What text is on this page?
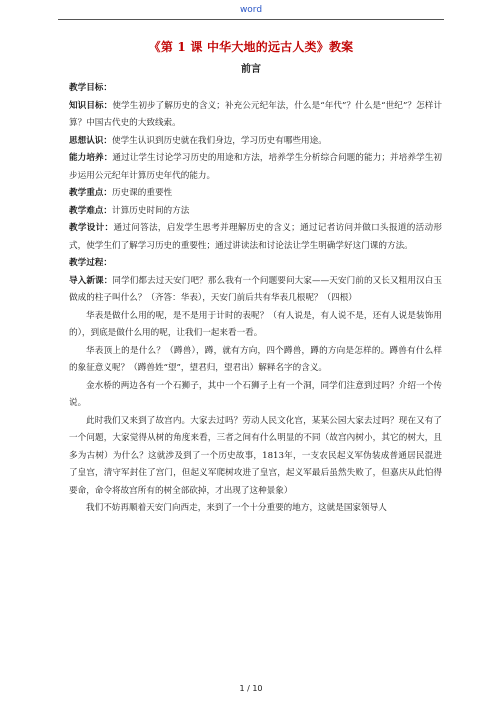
word
《第 1 课 中华大地的远古人类》教案
前言

教学目标：

知识目标：使学生初步了解历史的含义；补充公元纪年法，什么是“年代”？什么是“世纪”？怎样计算？中国古代史的大致线索。

思想认识：使学生认识到历史就在我们身边，学习历史有哪些用途。

能力培养：通过让学生讨论学习历史的用途和方法，培养学生分析综合问题的能力；并培养学生初步运用公元纪年计算历史年代的能力。

教学重点：历史课的重要性

教学难点：计算历史时间的方法

教学设计：通过问答法，启发学生思考并理解历史的含义；通过记者访问并做口头报道的活动形式，使学生们了解学习历史的重要性；通过讲读法和讨论法让学生明确学好这门课的方法。

教学过程：

导入新课：同学们都去过天安门吧？那么我有一个问题要问大家——天安门前的又长又粗用汉白玉做成的柱子叫什么？（齐答：华表），天安门前后共有华表几根呢？（四根）

华表是做什么用的呢，是不是用于计时的表呢？（有人说是，有人说不是，还有人说是装饰用的），到底是做什么用的呢，让我们一起来看一看。

华表顶上的是什么？（蹲兽），蹲，就有方向，四个蹲兽，蹲的方向是怎样的。蹲兽有什么样的象征意义呢？（蹲兽姓“望”，望君归，望君出）解释名字的含义。

金水桥的两边各有一个石狮子，其中一个石狮子上有一个洞，同学们注意到过吗？介绍一个传说。

此时我们又来到了故宫内。大家去过吗？劳动人民文化宫，某某公园大家去过吗？现在又有了一个问题，大家觉得从树的角度来看，三者之间有什么明显的不同（故宫內树小，其它的树大，且多为古树）为什么？这就涉及到了一个历史故事，1813年，一支农民起义军伪装成普通居民混进了皇宫，清守军封住了宫门，但起义军爬树攻进了皇宫，起义军最后虽然失败了，但嘉庆从此怕得要命，命令将故宫所有的树全部砍掉，才出现了这种景象）

我们不妨再顺着天安门向西走，来到了一个十分重要的地方，这就是国家领导人

1 / 10
